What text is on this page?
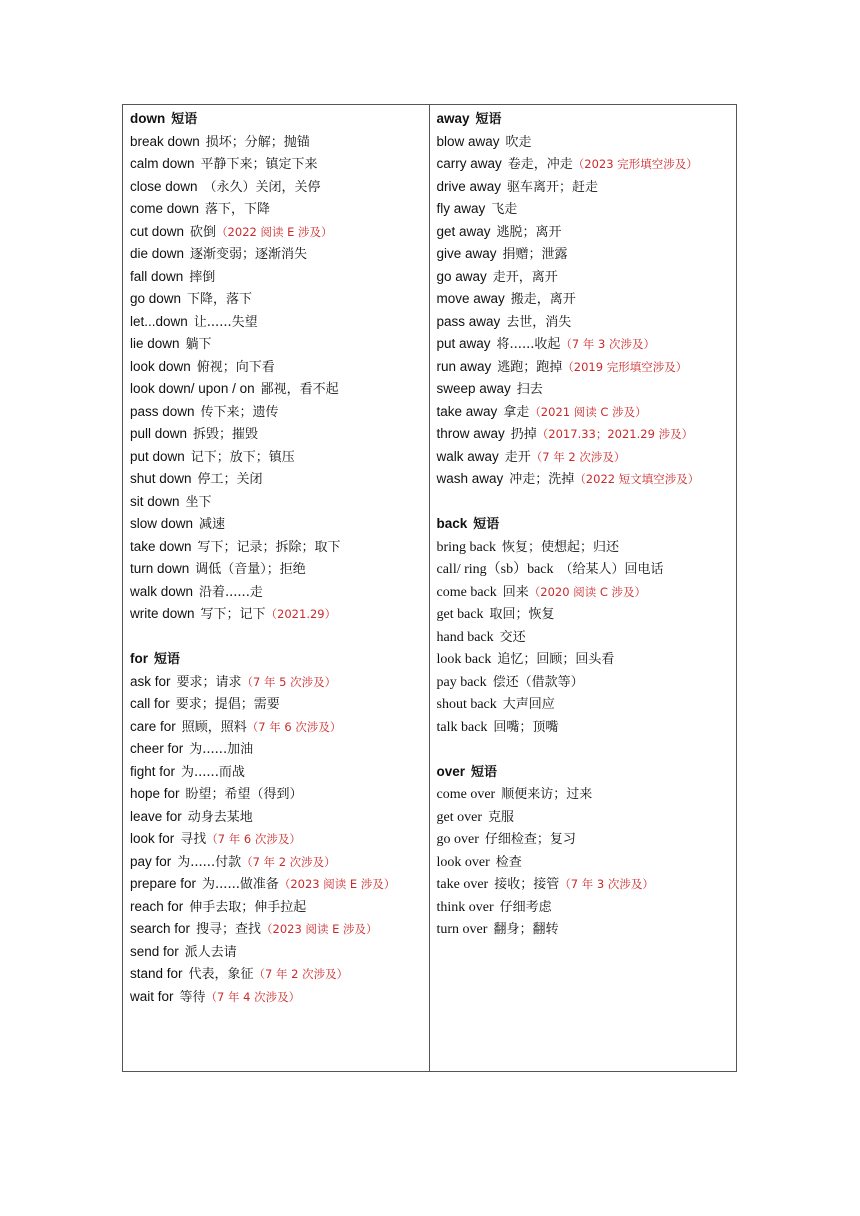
down 短语
break down 损坏；分解；抛锚
calm down 平静下来；镇定下来
close down （永久）关闭，关停
come down 落下，下降
cut down 砍倒（2022 阅读 E 涉及）
die down 逐渐变弱；逐渐消失
fall down 摔倒
go down 下降，落下
let...down 让......失望
lie down 躺下
look down 俯视；向下看
look down/ upon / on 鄙视，看不起
pass down 传下来；遗传
pull down 拆毁；摧毁
put down 记下；放下；镇压
shut down 停工；关闭
sit down 坐下
slow down 减速
take down 写下；记录；拆除；取下
turn down 调低（音量）；拒绝
walk down 沿着......走
write down 写下；记下（2021.29）
for 短语
ask for 要求；请求（7 年 5 次涉及）
call for 要求；提倡；需要
care for 照顾，照料（7 年 6 次涉及）
cheer for 为......加油
fight for 为......而战
hope for 盼望；希望（得到）
leave for 动身去某地
look for 寻找（7 年 6 次涉及）
pay for 为......付款（7 年 2 次涉及）
prepare for 为......做准备（2023 阅读 E 涉及）
reach for 伸手去取；伸手拉起
search for 搜寻；查找（2023 阅读 E 涉及）
send for 派人去请
stand for 代表，象征（7 年 2 次涉及）
wait for 等待（7 年 4 次涉及）
away 短语
blow away 吹走
carry away 卷走，冲走（2023 完形填空涉及）
drive away 驱车离开；赶走
fly away 飞走
get away 逃脱；离开
give away 捐赠；泄露
go away 走开，离开
move away 搬走，离开
pass away 去世，消失
put away 将......收起（7 年 3 次涉及）
run away 逃跑；跑掉（2019 完形填空涉及）
sweep away 扫去
take away 拿走（2021 阅读 C 涉及）
throw away 扔掉（2017.33；2021.29 涉及）
walk away 走开（7 年 2 次涉及）
wash away 冲走；洗掉（2022 短文填空涉及）
back 短语
bring back 恢复；使想起；归还
call/ ring（sb）back （给某人）回电话
come back 回来（2020 阅读 C 涉及）
get back 取回；恢复
hand back 交还
look back 追忆；回顾；回头看
pay back 偿还（借款等）
shout back 大声回应
talk back 回嘴；顶嘴
over 短语
come over 顺便来访；过来
get over 克服
go over 仔细检查；复习
look over 检查
take over 接收；接管（7 年 3 次涉及）
think over 仔细考虑
turn over 翻身；翻转
